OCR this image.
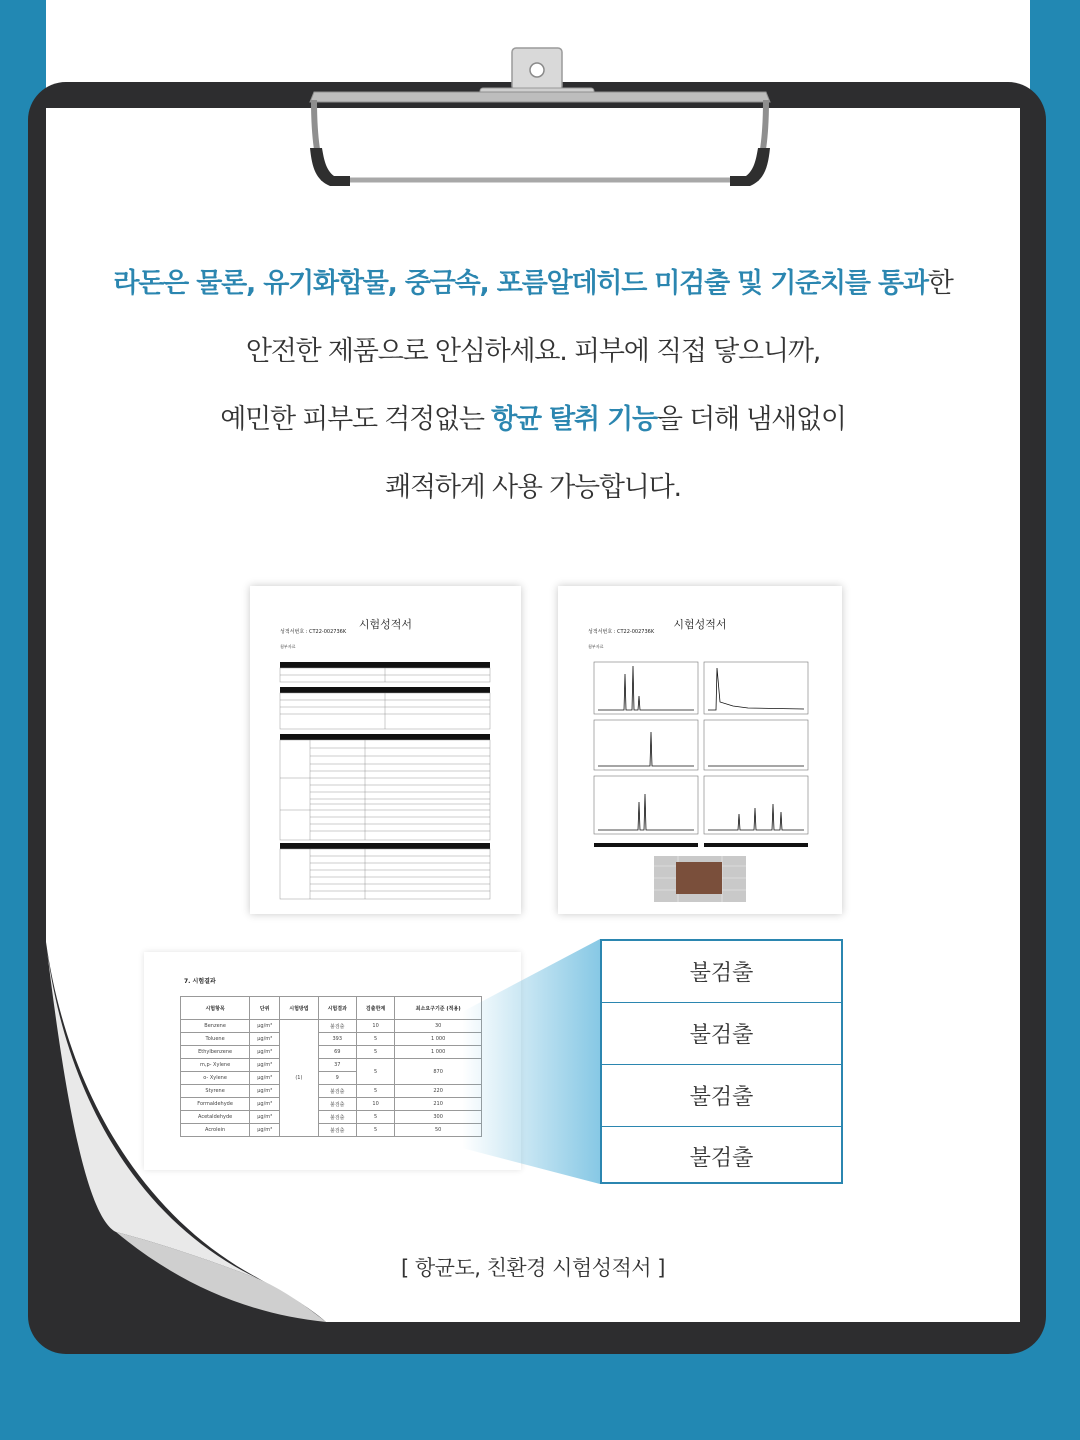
라돈은 물론, 유기화합물, 중금속, 포름알데히드 미검출 및 기준치를 통과한
안전한 제품으로 안심하세요. 피부에 직접 닿으니까,
예민한 피부도 걱정없는 항균 탈취 기능을 더해 냄새없이
쾌적하게 사용 가능합니다.
시험성적서
성적서번호 : CT22-002736K
첨부자료
시험성적서
성적서번호 : CT22-002736K
첨부자료
7. 시험결과
시험항목	단위	시험방법	시험결과	검출한계	최소요구기준 (적용)
Benzene	μg/m³	(1)	불검출	10	30
Toluene	μg/m³		393	5	1 000
Ethylbenzene	μg/m³		69	5	1 000
m,p- Xylene	μg/m³		37	5	870
o- Xylene	μg/m³		9		
Styrene	μg/m³		불검출	5	220
Formaldehyde	μg/m³		불검출	10	210
Acetaldehyde	μg/m³		불검출	5	300
Acrolein	μg/m³		불검출	5	50
불검출
불검출
불검출
불검출
[ 항균도, 친환경 시험성적서 ]
